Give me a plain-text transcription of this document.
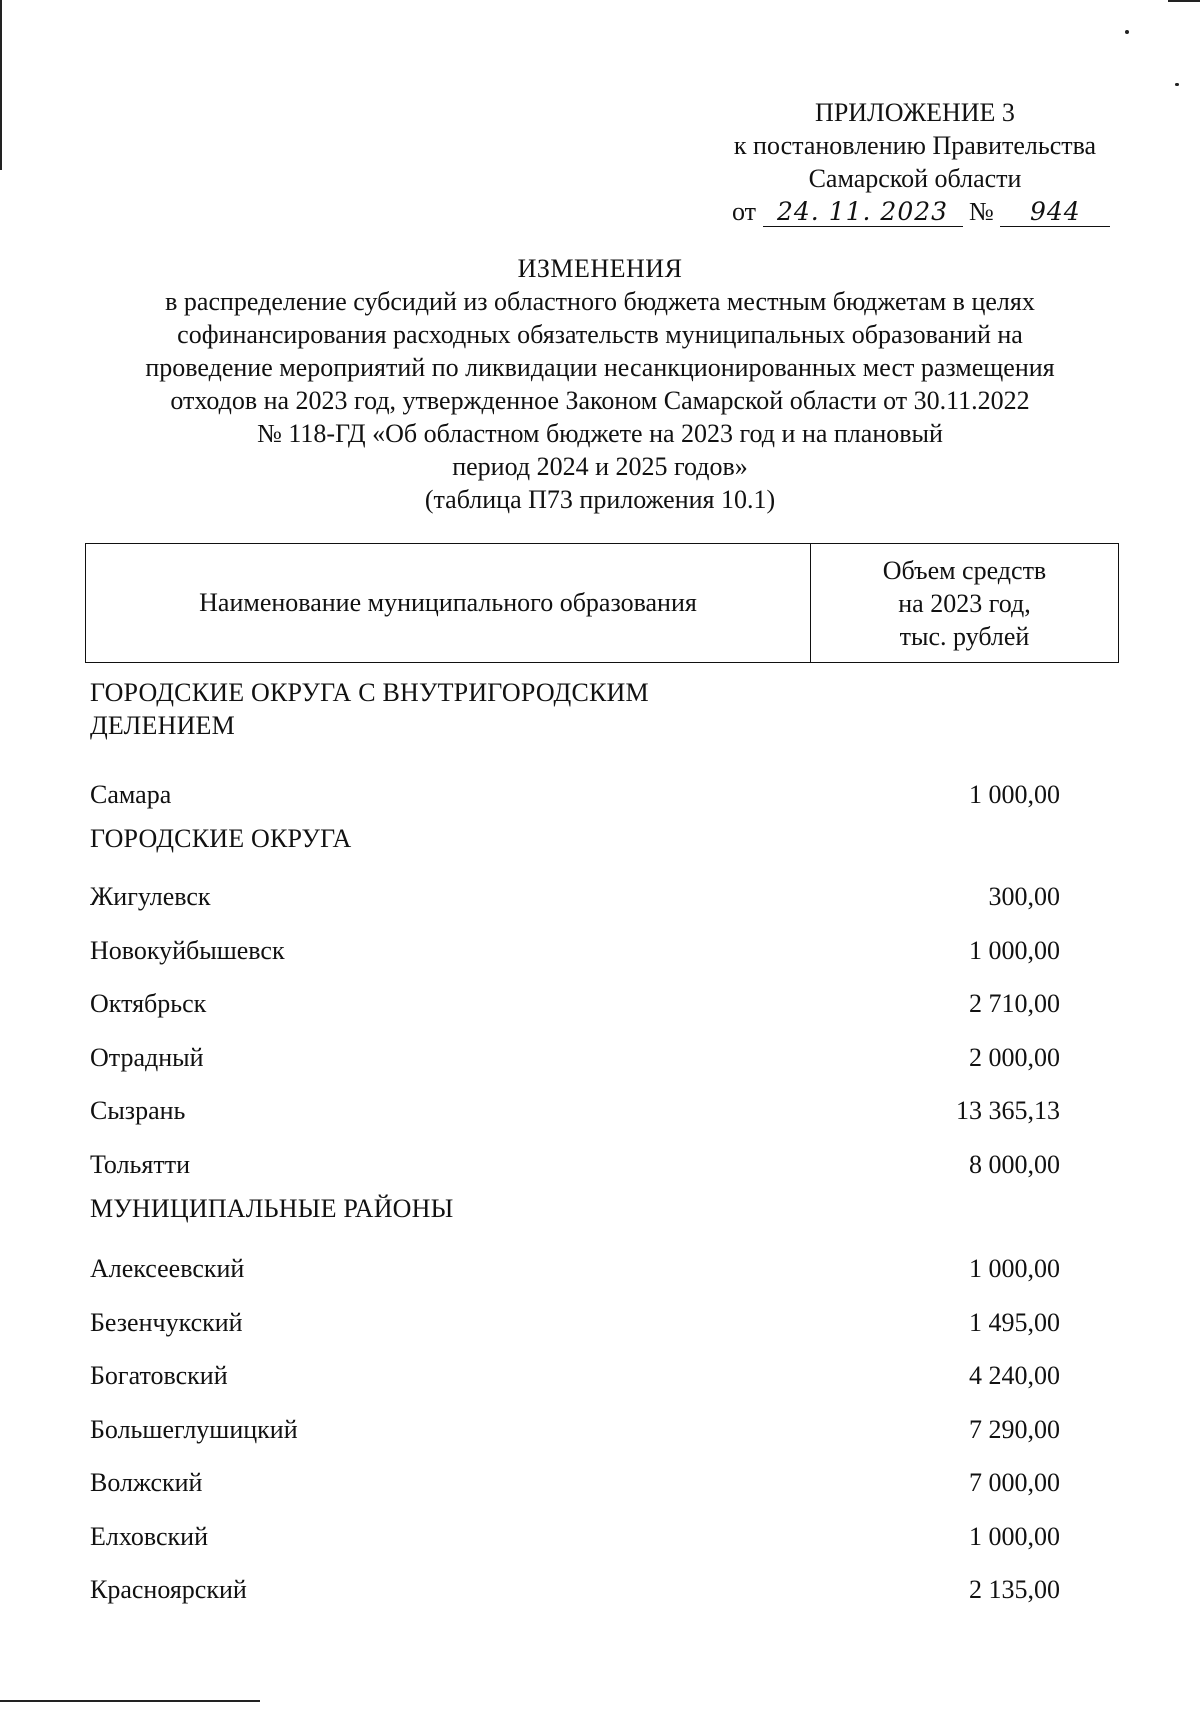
ПРИЛОЖЕНИЕ 3
к постановлению Правительства
Самарской области
от 24. 11. 2023 № 944
ИЗМЕНЕНИЯ
в распределение субсидий из областного бюджета местным бюджетам в целях
софинансирования расходных обязательств муниципальных образований на
проведение мероприятий по ликвидации несанкционированных мест размещения
отходов на 2023 год, утвержденное Законом Самарской области от 30.11.2022
№ 118-ГД «Об областном бюджете на 2023 год и на плановый
период 2024 и 2025 годов»
(таблица П73 приложения 10.1)
Наименование муниципального образования
Объем средств
на 2023 год,
тыс. рублей
ГОРОДСКИЕ ОКРУГА С ВНУТРИГОРОДСКИМ
ДЕЛЕНИЕМ
Самара	1 000,00
ГОРОДСКИЕ ОКРУГА
Жигулевск	300,00
Новокуйбышевск	1 000,00
Октябрьск	2 710,00
Отрадный	2 000,00
Сызрань	13 365,13
Тольятти	8 000,00
МУНИЦИПАЛЬНЫЕ РАЙОНЫ
Алексеевский	1 000,00
Безенчукский	1 495,00
Богатовский	4 240,00
Большеглушицкий	7 290,00
Волжский	7 000,00
Елховский	1 000,00
Красноярский	2 135,00
